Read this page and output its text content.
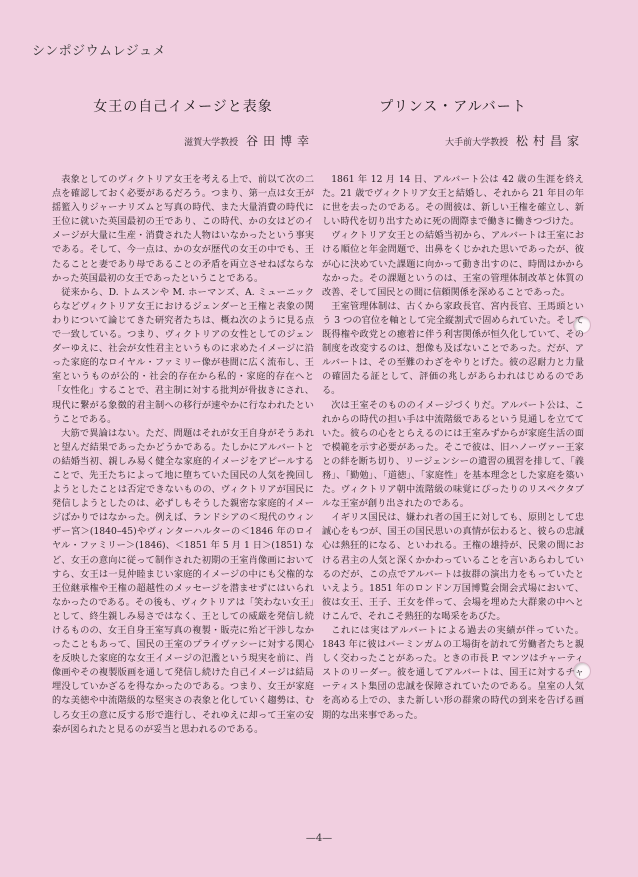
シンポジウムレジュメ
女王の自己イメージと表象
滋賀大学教授 谷田博幸

表象としてのヴィクトリア女王を考える上で、前以て次の二点を確認しておく必要があるだろう。つまり、第一点は女王が揺籃入りジャーナリズムと写真の時代、また大量消費の時代に王位に就いた英国最初の王であり、この時代、かの女はどのイメージが大量に生産・消費された人物はいなかったという事実である。そして、今一点は、かの女が歴代の女王の中でも、王たることと妻であり母であることの矛盾を両立させねばならなかった英国最初の女王であったということである。

従来から、D. トムスンや M. ホーマンズ、A. ミューニックらなどヴィクトリア女王におけるジェンダーと王権と表象の関わりについて論じてきた研究者たちは、概ね次のように見る点で一致している。つまり、ヴィクトリアの女性としてのジェンダーゆえに、社会が女性君主というものに求めたイメージに沿った家庭的なロイヤル・ファミリー像が巷間に広く流布し、王室というものが公的・社会的存在から私的・家庭的存在へと「女性化」することで、君主制に対する批判が骨抜きにされ、現代に繋がる象徴的君主制への移行が速やかに行なわれたということである。

大筋で異論はない。ただ、問題はそれが女王自身がそうあれと望んだ結果であったかどうかである。たしかにアルバートとの結婚当初、親しみ易く健全な家庭的イメージをアピールすることで、先王たちによって地に堕ちていた国民の人気を挽回しようとしたことは否定できないものの、ヴィクトリアが国民に発信しようとしたのは、必ずしもそうした親密な家庭的イメージばかりではなかった。例えば、ランドシアの＜現代のウィンザー宮＞(1840–45)やヴィンターハルターの＜1846 年のロイヤル・ファミリー＞(1846)、＜1851 年 5 月 1 日＞(1851) など、女王の意向に従って制作された初期の王室肖像画においてすら、女王は一見仲睦まじい家庭的イメージの中にも父権的な王位継承権や王権の超越性のメッセージを潜ませずにはいられなかったのである。その後も、ヴィクトリアは「笑わない女王」として、終生親しみ易さではなく、王としての威厳を発信し続けるものの、女王自身王室写真の複製・販売に殆ど干渉しなかったこともあって、国民の王室のプライヴァシーに対する関心を反映した家庭的な女王イメージの氾濫という現実を前に、肖像画やその複製版画を通して発信し続けた自己イメージは結局埋没していかざるを得なかったのである。つまり、女王が家庭的な美徳や中流階級的な堅実さの表象と化していく趨勢は、むしろ女王の意に反する形で進行し、それゆえに却って王室の安泰が図られたと見るのが妥当と思われるのである。

プリンス・アルバート
大手前大学教授 松村昌家

1861 年 12 月 14 日、アルバート公は 42 歳の生涯を終えた。21 歳でヴィクトリア女王と結婚し、それから 21 年目の年に世を去ったのである。その間彼は、新しい王権を確立し、新しい時代を切り出すために死の間際まで働きに働きつづけた。

ヴィクトリア女王との結婚当初から、アルバートは王室における順位と年金問題で、出鼻をくじかれた思いであったが、彼が心に決めていた課題に向かって動き出すのに、時間はかからなかった。その課題というのは、王室の管理体制改革と体質の改善、そして国民との間に信頼関係を深めることであった。

王室管理体制は、古くから家政長官、宮内長官、王馬頭という 3 つの官位を軸として完全縦割式で固められていた。そして既得権や政党との癒着に伴う利害関係が恒久化していて、その制度を改変するのは、想像も及ばないことであった。だが、アルバートは、その至難のわざをやりとげた。彼の忍耐力と力量の確固たる証として、評価の兆しがあらわれはじめるのである。

次は王室そのもののイメージづくりだ。アルバート公は、これからの時代の担い手は中流階級であるという見通しを立てていた。彼らの心をとらえるのには王室みずからが家庭生活の面で模範を示す必要があった。そこで彼は、旧ハノーヴァー王家との絆を断ち切り、リージェンシーの遺習の風習を排して、「義務」、「勤勉」、「道徳」、「家庭性」を基本理念とした家庭を築いた。ヴィクトリア朝中流階級の味覚にぴったりのリスペクタブルな王室が創り出されたのである。

イギリス国民は、嫌われ者の国王に対しても、原則として忠誠心をもつが、国王の国民思いの真情が伝わると、彼らの忠誠心は熱狂的になる、といわれる。王権の雄持が、民衆の間における君主の人気と深くかかわっていることを言いあらわしているのだが、この点でアルバートは抜群の演出力をもっていたといえよう。1851 年のロンドン万国博覧会開会式場において、彼は女王、王子、王女を伴って、会場を埋めた大群衆の中へとけこんで、それこそ熱狂的な喝采をあびた。

これには実はアルバートによる過去の実績が伴っていた。1843 年に彼はバーミンガムの工場街を訪れて労働者たちと親しく交わったことがあった。ときの市長 P. マンツはチャーティストのリーダー。彼を通してアルバートは、国王に対するチャーティスト集団の忠誠を保障されていたのである。皇室の人気を高める上での、また新しい形の群衆の時代の到来を告げる画期的な出来事であった。

—4—
